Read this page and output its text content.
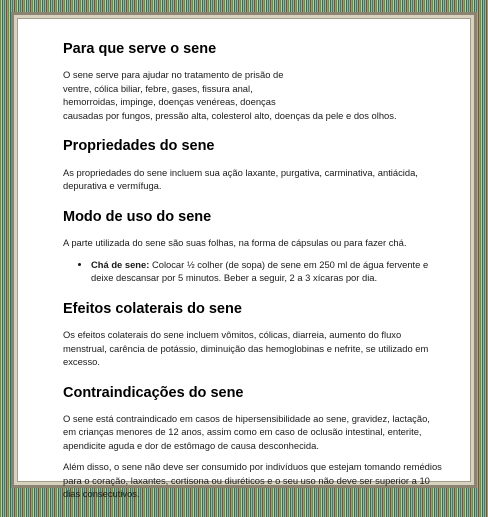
Para que serve o sene

O sene serve para ajudar no tratamento de prisão de
ventre, cólica biliar, febre, gases, fissura anal,
hemorroidas, impinge, doenças venéreas, doenças
causadas por fungos, pressão alta, colesterol alto, doenças da pele e dos olhos.

Propriedades do sene

As propriedades do sene incluem sua ação laxante, purgativa, carminativa, antiácida, depurativa e vermífuga.

Modo de uso do sene

A parte utilizada do sene são suas folhas, na forma de cápsulas ou para fazer chá.

• Chá de sene: Colocar ½ colher (de sopa) de sene em 250 ml de água fervente e deixe descansar por 5 minutos. Beber a seguir, 2 a 3 xícaras por dia.
Efeitos colaterais do sene

Os efeitos colaterais do sene incluem vômitos, cólicas, diarreia, aumento do fluxo menstrual, carência de potássio, diminuição das hemoglobinas e nefrite, se utilizado em excesso.

Contraindicações do sene

O sene está contraindicado em casos de hipersensibilidade ao sene, gravidez, lactação, em crianças menores de 12 anos, assim como em caso de oclusão intestinal, enterite, apendicite aguda e dor de estômago de causa desconhecida.

Além disso, o sene não deve ser consumido por indivíduos que estejam tomando remédios para o coração, laxantes, cortisona ou diuréticos e o seu uso não deve ser superior a 10 dias consecutivos.
